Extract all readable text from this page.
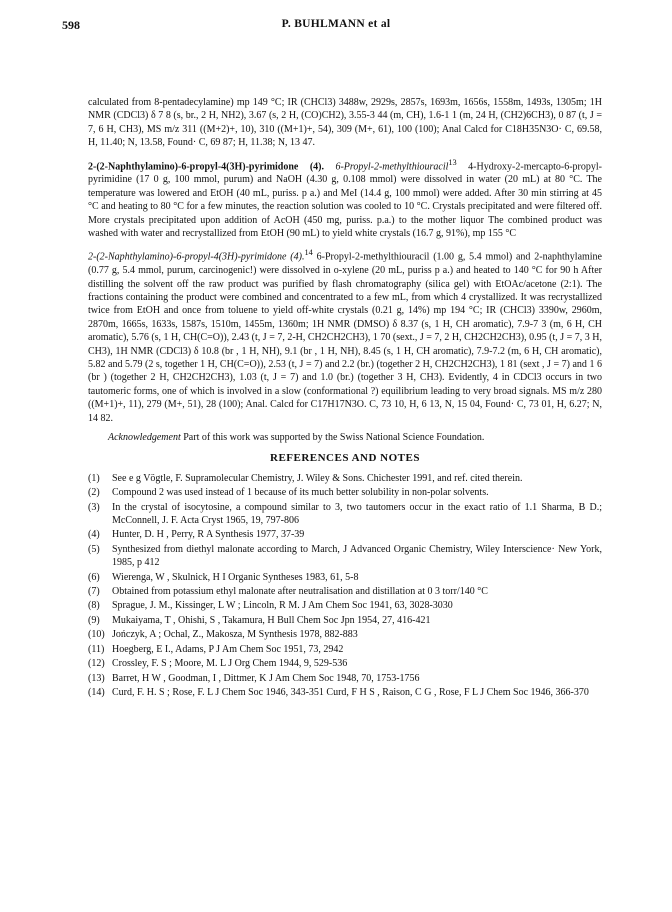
598	P. BUHLMANN et al

calculated from 8-pentadecylamine) mp 149 °C; IR (CHCl3) 3488w, 2929s, 2857s, 1693m, 1656s, 1558m, 1493s, 1305m; 1H NMR (CDCl3) δ 7 8 (s, br., 2 H, NH2), 3.67 (s, 2 H, (CO)CH2), 3.55-3 44 (m, CH), 1.6-1 1 (m, 24 H, (CH2)6CH3), 0 87 (t, J = 7, 6 H, CH3), MS m/z 311 ((M+2)+, 10), 310 ((M+1)+, 54), 309 (M+, 61), 100 (100); Anal Calcd for C18H35N3O· C, 69.58, H, 11.40; N, 13.58, Found· C, 69 87; H, 11.38; N, 13 47.

2-(2-Naphthylamino)-6-propyl-4(3H)-pyrimidone (4). 6-Propyl-2-methylthiouracil$^{13}$ 4-Hydroxy-2-mercapto-6-propyl-pyrimidine (17 0 g, 100 mmol, purum) and NaOH (4.30 g, 0.108 mmol) were dissolved in water (20 mL) at 80 °C. The temperature was lowered and EtOH (40 mL, puriss. p a.) and MeI (14.4 g, 100 mmol) were added. After 30 min stirring at 45 °C and heating to 80 °C for a few minutes, the reaction solution was cooled to 10 °C. Crystals precipitated and were filtered off. More crystals precipitated upon addition of AcOH (450 mg, puriss. p.a.) to the mother liquor The combined product was washed with water and recrystallized from EtOH (90 mL) to yield white crystals (16.7 g, 91%), mp 155 °C

2-(2-Naphthylamino)-6-propyl-4(3H)-pyrimidone (4).$^{14}$ 6-Propyl-2-methylthiouracil (1.00 g, 5.4 mmol) and 2-naphthylamine (0.77 g, 5.4 mmol, purum, carcinogenic!) were dissolved in o-xylene (20 mL, puriss p a.) and heated to 140 °C for 90 h After distilling the solvent off the raw product was purified by flash chromatography (silica gel) with EtOAc/acetone (2:1). The fractions containing the product were combined and concentrated to a few mL, from which 4 crystallized. It was recrystallized twice from EtOH and once from toluene to yield off-white crystals (0.21 g, 14%) mp 194 °C; IR (CHCl3) 3390w, 2960m, 2870m, 1665s, 1633s, 1587s, 1510m, 1455m, 1360m; 1H NMR (DMSO) δ 8.37 (s, 1 H, CH aromatic), 7.9-7 3 (m, 6 H, CH aromatic), 5.76 (s, 1 H, CH(C=O)), 2.43 (t, J = 7, 2-H, CH2CH2CH3), 1 70 (sext., J = 7, 2 H, CH2CH2CH3), 0.95 (t, J = 7, 3 H, CH3), 1H NMR (CDCl3) δ 10.8 (br , 1 H, NH), 9.1 (br , 1 H, NH), 8.45 (s, 1 H, CH aromatic), 7.9-7.2 (m, 6 H, CH aromatic), 5.82 and 5.79 (2 s, together 1 H, CH(C=O)), 2.53 (t, J = 7) and 2.2 (br.) (together 2 H, CH2CH2CH3), 1 81 (sext , J = 7) and 1 6 (br ) (together 2 H, CH2CH2CH3), 1.03 (t, J = 7) and 1.0 (br.) (together 3 H, CH3). Evidently, 4 in CDCl3 occurs in two tautomeric forms, one of which is involved in a slow (conformational ?) equilibrium leading to very broad signals. MS m/z 280 ((M+1)+, 11), 279 (M+, 51), 28 (100); Anal. Calcd for C17H17N3O. C, 73 10, H, 6 13, N, 15 04, Found· C, 73 01, H, 6.27; N, 14 82.

Acknowledgement Part of this work was supported by the Swiss National Science Foundation.

REFERENCES AND NOTES
(1) See e g Vögtle, F. Supramolecular Chemistry, J. Wiley & Sons. Chichester 1991, and ref. cited therein.
(2) Compound 2 was used instead of 1 because of its much better solubility in non-polar solvents.
(3) In the crystal of isocytosine, a compound similar to 3, two tautomers occur in the exact ratio of 1.1 Sharma, B D.; McConnell, J. F. Acta Cryst 1965, 19, 797-806
(4) Hunter, D. H , Perry, R A Synthesis 1977, 37-39
(5) Synthesized from diethyl malonate according to March, J Advanced Organic Chemistry, Wiley Interscience· New York, 1985, p 412
(6) Wierenga, W , Skulnick, H I Organic Syntheses 1983, 61, 5-8
(7) Obtained from potassium ethyl malonate after neutralisation and distillation at 0 3 torr/140 °C
(8) Sprague, J. M., Kissinger, L W ; Lincoln, R M. J Am Chem Soc 1941, 63, 3028-3030
(9) Mukaiyama, T , Ohishi, S , Takamura, H Bull Chem Soc Jpn 1954, 27, 416-421
(10) Jończyk, A ; Ochal, Z., Makosza, M Synthesis 1978, 882-883
(11) Hoegberg, E I., Adams, P J Am Chem Soc 1951, 73, 2942
(12) Crossley, F. S ; Moore, M. L J Org Chem 1944, 9, 529-536
(13) Barret, H W , Goodman, I , Dittmer, K J Am Chem Soc 1948, 70, 1753-1756
(14) Curd, F. H. S ; Rose, F. L J Chem Soc 1946, 343-351 Curd, F H S , Raison, C G , Rose, F L J Chem Soc 1946, 366-370
